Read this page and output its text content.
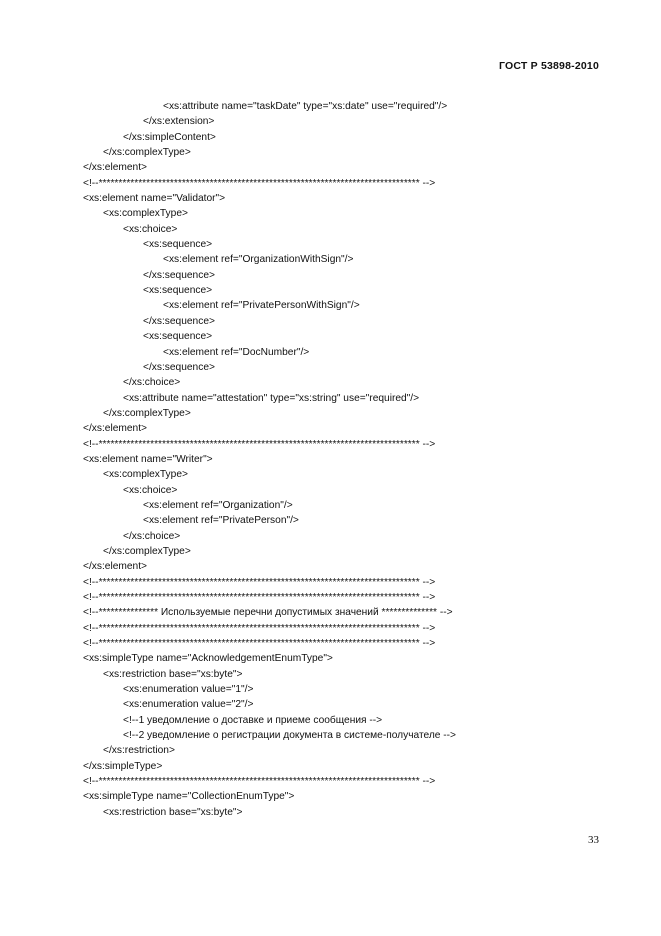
ГОСТ Р 53898-2010
<xs:attribute name="taskDate" type="xs:date" use="required"/>
</xs:extension>
</xs:simpleContent>
</xs:complexType>
</xs:element>
<!--********************************************************************************* -->
<xs:element name="Validator">
<xs:complexType>
<xs:choice>
<xs:sequence>
<xs:element ref="OrganizationWithSign"/>
</xs:sequence>
<xs:sequence>
<xs:element ref="PrivatePersonWithSign"/>
</xs:sequence>
<xs:sequence>
<xs:element ref="DocNumber"/>
</xs:sequence>
</xs:choice>
<xs:attribute name="attestation" type="xs:string" use="required"/>
</xs:complexType>
</xs:element>
<!--********************************************************************************* -->
<xs:element name="Writer">
<xs:complexType>
<xs:choice>
<xs:element ref="Organization"/>
<xs:element ref="PrivatePerson"/>
</xs:choice>
</xs:complexType>
</xs:element>
<!--********************************************************************************* -->
<!--********************************************************************************* -->
<!--*************** Используемые перечни допустимых значений ************** -->
<!--********************************************************************************* -->
<!--********************************************************************************* -->
<xs:simpleType name="AcknowledgementEnumType">
<xs:restriction base="xs:byte">
<xs:enumeration value="1"/>
<xs:enumeration value="2"/>
<!--1 уведомление о доставке и приеме сообщения -->
<!--2 уведомление о регистрации документа в системе-получателе -->
</xs:restriction>
</xs:simpleType>
<!--********************************************************************************* -->
<xs:simpleType name="CollectionEnumType">
<xs:restriction base="xs:byte">
33
